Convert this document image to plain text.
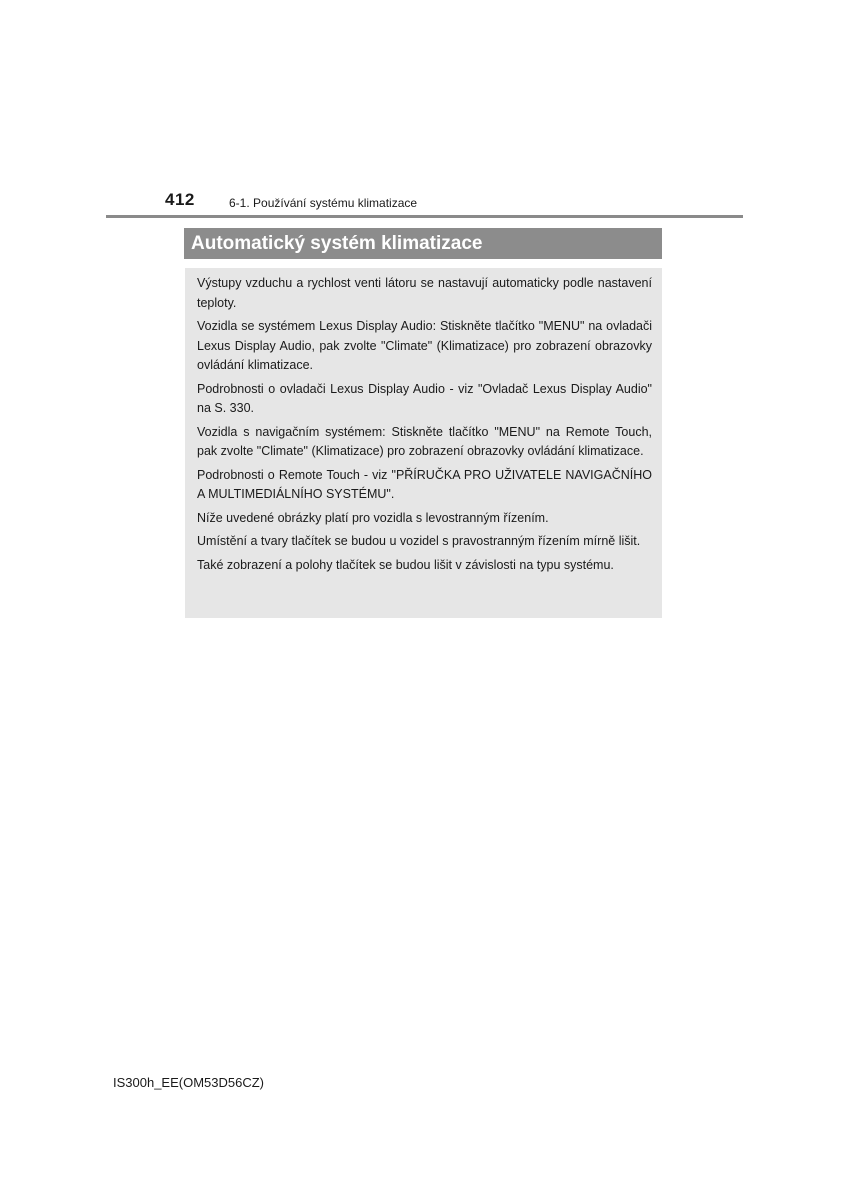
412	6-1. Používání systému klimatizace
Automatický systém klimatizace

Výstupy vzduchu a rychlost venti látoru se nastavují automaticky podle nastavení teploty.

Vozidla se systémem Lexus Display Audio: Stiskněte tlačítko "MENU" na ovladači Lexus Display Audio, pak zvolte "Climate" (Klimatizace) pro zobrazení obrazovky ovládání klimatizace.

Podrobnosti o ovladači Lexus Display Audio - viz "Ovladač Lexus Display Audio" na S. 330.

Vozidla s navigačním systémem: Stiskněte tlačítko "MENU" na Remote Touch, pak zvolte "Climate" (Klimatizace) pro zobrazení obrazovky ovládání klimatizace.

Podrobnosti o Remote Touch - viz "PŘÍRUČKA PRO UŽIVATELE NAVIGAČNÍHO A MULTIMEDIÁLNÍHO SYSTÉMU".

Níže uvedené obrázky platí pro vozidla s levostranným řízením.

Umístění a tvary tlačítek se budou u vozidel s pravostranným řízením mírně lišit.

Také zobrazení a polohy tlačítek se budou lišit v závislosti na typu systému.

IS300h_EE(OM53D56CZ)
